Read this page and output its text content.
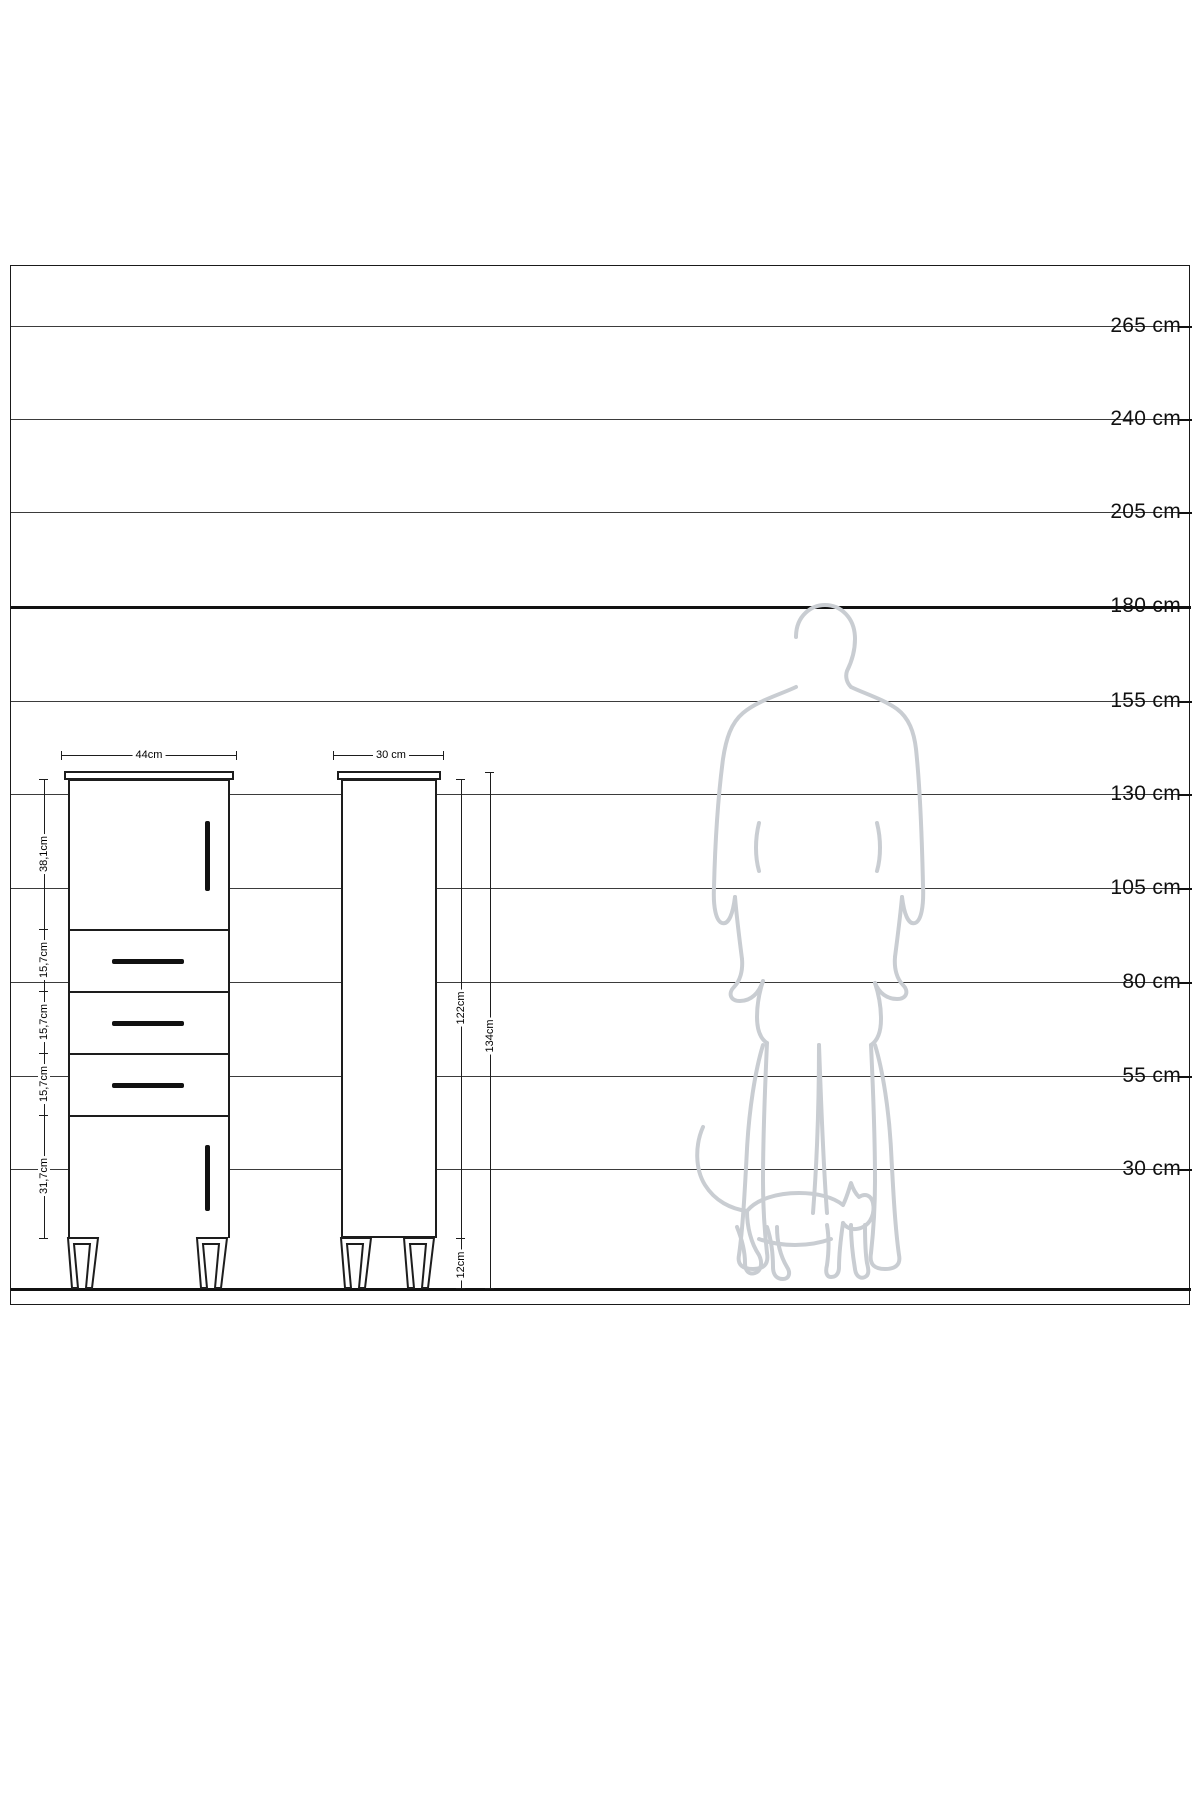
265 cm
240 cm
205 cm
180 cm
155 cm
130 cm
105 cm
80 cm
55 cm
30 cm
44cm
38,1cm
15,7cm
15,7cm
15,7cm
31,7cm
30 cm
122cm
12cm
134cm
